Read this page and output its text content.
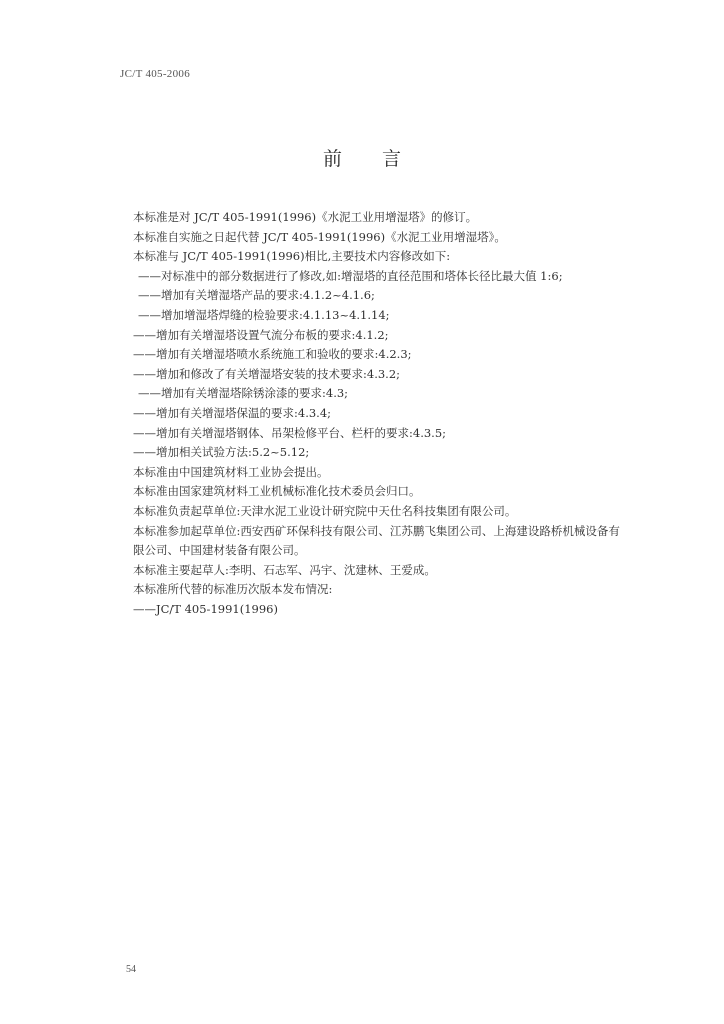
JC/T 405-2006
前言
本标准是对 JC/T 405-1991(1996)《水泥工业用增湿塔》的修订。
本标准自实施之日起代替 JC/T 405-1991(1996)《水泥工业用增湿塔》。
本标准与 JC/T 405-1991(1996)相比,主要技术内容修改如下:
——对标准中的部分数据进行了修改,如:增湿塔的直径范围和塔体长径比最大值 1:6;
——增加有关增湿塔产品的要求:4.1.2~4.1.6;
——增加增湿塔焊缝的检验要求:4.1.13~4.1.14;
——增加有关增湿塔设置气流分布板的要求:4.1.2;
——增加有关增湿塔喷水系统施工和验收的要求:4.2.3;
——增加和修改了有关增湿塔安装的技术要求:4.3.2;
——增加有关增湿塔除锈涂漆的要求:4.3;
——增加有关增湿塔保温的要求:4.3.4;
——增加有关增湿塔钢体、吊架检修平台、栏杆的要求:4.3.5;
——增加相关试验方法:5.2~5.12;
本标准由中国建筑材料工业协会提出。
本标准由国家建筑材料工业机械标准化技术委员会归口。
本标准负责起草单位:天津水泥工业设计研究院中天仕名科技集团有限公司。
本标准参加起草单位:西安西矿环保科技有限公司、江苏鹏飞集团公司、上海建设路桥机械设备有
限公司、中国建材装备有限公司。
本标准主要起草人:李明、石志军、冯宇、沈建林、王爱成。
本标准所代替的标准历次版本发布情况:
——JC/T 405-1991(1996)
54
